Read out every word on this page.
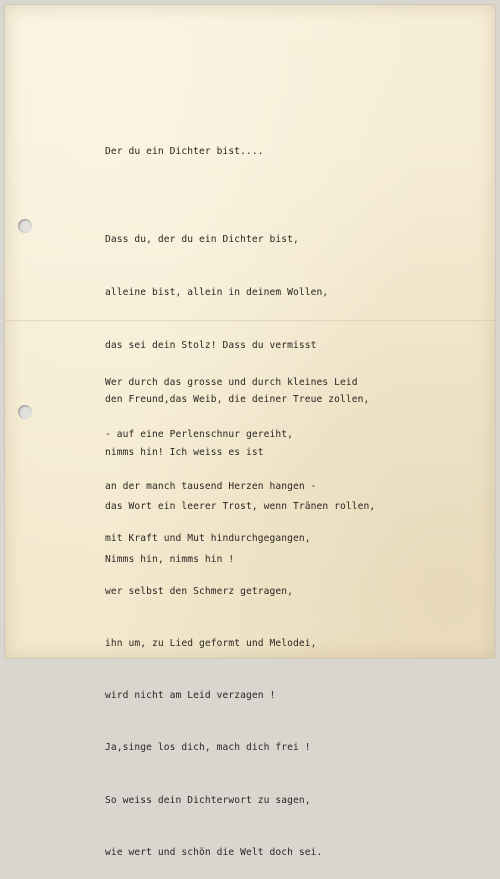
Der du ein Dichter bist....

Dass du, der du ein Dichter bist,

alleine bist, allein in deinem Wollen,

das sei dein Stolz! Dass du vermisst

den Freund,das Weib, die deiner Treue zollen,

nimms hin! Ich weiss es ist

das Wort ein leerer Trost, wenn Tränen rollen,

Nimms hin, nimms hin !

Wer durch das grosse und durch kleines Leid

- auf eine Perlenschnur gereiht,

an der manch tausend Herzen hangen -

mit Kraft und Mut hindurchgegangen,

wer selbst den Schmerz getragen,

ihn um, zu Lied geformt und Melodei,

wird nicht am Leid verzagen !

Ja,singe los dich, mach dich frei !

So weiss dein Dichterwort zu sagen,

wie wert und schön die Welt doch sei.
